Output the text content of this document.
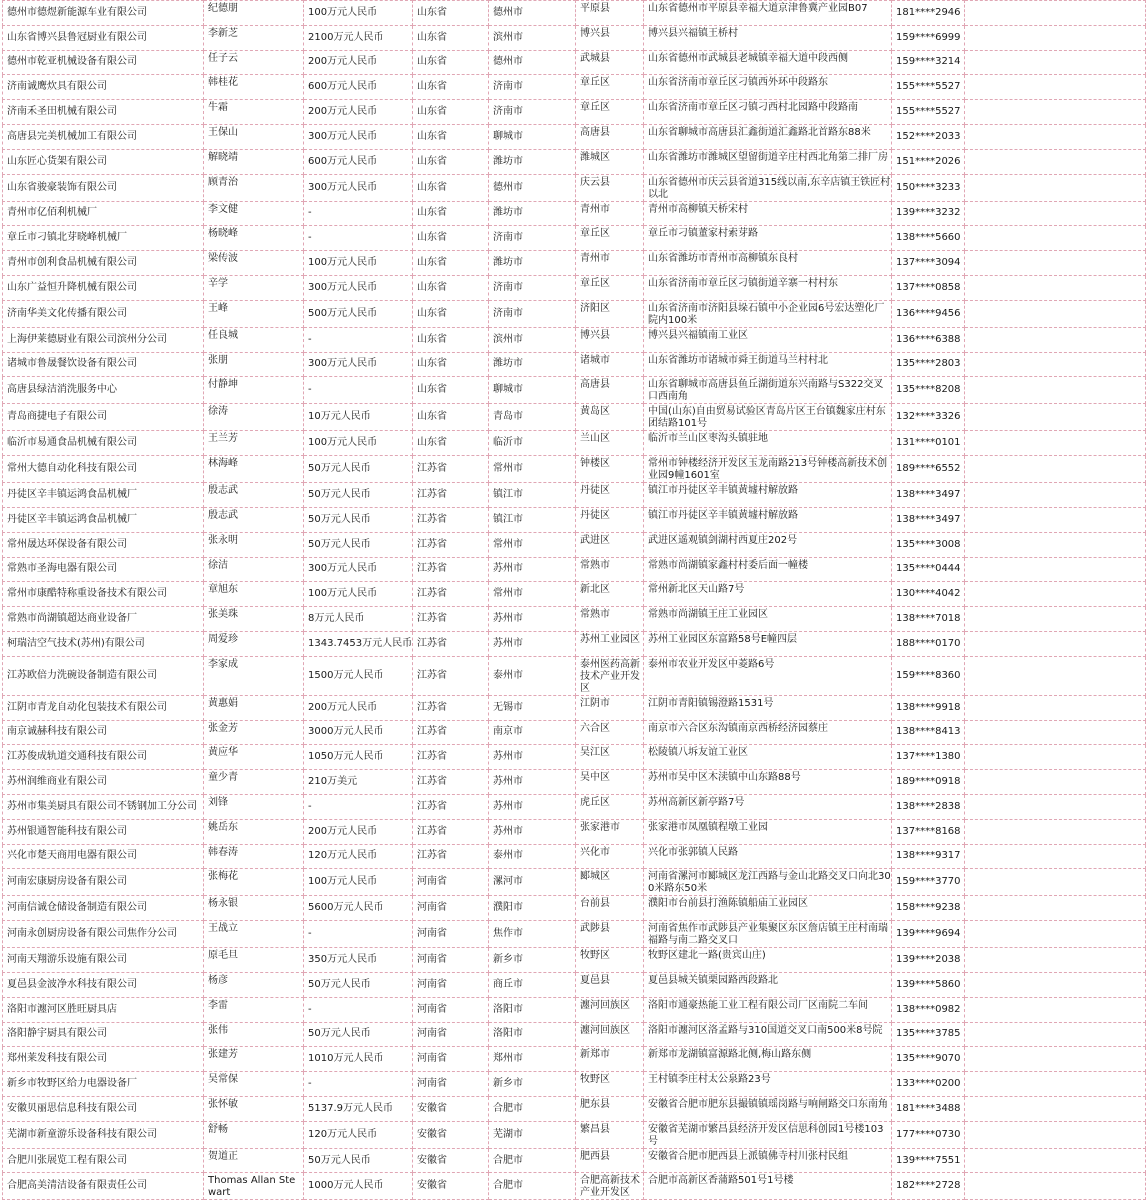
德州市德煜新能源车业有限公司	纪德朋	100万元人民币	山东省	德州市	平原县	山东省德州市平原县幸福大道京津鲁冀产业园B07	181****2946	
山东省博兴县鲁冠厨业有限公司	李新芝	2100万元人民币	山东省	滨州市	博兴县	博兴县兴福镇王桥村	159****6999	
德州市乾亚机械设备有限公司	任子云	200万元人民币	山东省	德州市	武城县	山东省德州市武城县老城镇幸福大道中段西侧	159****3214	
济南诚鹰炊具有限公司	韩桂花	600万元人民币	山东省	济南市	章丘区	山东省济南市章丘区刁镇西外环中段路东	155****5527	
济南禾圣田机械有限公司	牛霜	200万元人民币	山东省	济南市	章丘区	山东省济南市章丘区刁镇刁西村北园路中段路南	155****5527	
高唐县完美机械加工有限公司	王保山	300万元人民币	山东省	聊城市	高唐县	山东省聊城市高唐县汇鑫街道汇鑫路北首路东88米	152****2033	
山东匠心货架有限公司	解晓靖	600万元人民币	山东省	潍坊市	潍城区	山东省潍坊市潍城区望留街道辛庄村西北角第二排厂房	151****2026	
山东省骏豪装饰有限公司	顾青治	300万元人民币	山东省	德州市	庆云县	山东省德州市庆云县省道315线以南,东辛店镇王铁匠村以北	150****3233	
青州市亿佰利机械厂	李文健	-	山东省	潍坊市	青州市	青州市高柳镇天桥宋村	139****3232	
章丘市刁镇北芽晓峰机械厂	杨晓峰	-	山东省	济南市	章丘区	章丘市刁镇董家村索芽路	138****5660	
青州市创利食品机械有限公司	梁传波	100万元人民币	山东省	潍坊市	青州市	山东省潍坊市青州市高柳镇东良村	137****3094	
山东广益恒升降机械有限公司	辛学	300万元人民币	山东省	济南市	章丘区	山东省济南市章丘区刁镇街道辛寨一村村东	137****0858	
济南华美文化传播有限公司	王峰	500万元人民币	山东省	济南市	济阳区	山东省济南市济阳县垛石镇中小企业园6号宏达塑化厂院内100米	136****9456	
上海伊莱德厨业有限公司滨州分公司	任良城	-	山东省	滨州市	博兴县	博兴县兴福镇南工业区	136****6388	
诸城市鲁晟餐饮设备有限公司	张朋	300万元人民币	山东省	潍坊市	诸城市	山东省潍坊市诸城市舜王街道马兰村村北	135****2803	
高唐县绿洁消洗服务中心	付静坤	-	山东省	聊城市	高唐县	山东省聊城市高唐县鱼丘湖街道东兴南路与S322交叉口西南角	135****8208	
青岛商捷电子有限公司	徐涛	10万元人民币	山东省	青岛市	黄岛区	中国(山东)自由贸易试验区青岛片区王台镇魏家庄村东团结路101号	132****3326	
临沂市易通食品机械有限公司	王兰芳	100万元人民币	山东省	临沂市	兰山区	临沂市兰山区枣沟头镇驻地	131****0101	
常州大德自动化科技有限公司	林海峰	50万元人民币	江苏省	常州市	钟楼区	常州市钟楼经济开发区玉龙南路213号钟楼高新技术创业园9幢1601室	189****6552	
丹徒区辛丰镇运鸿食品机械厂	殷志武	50万元人民币	江苏省	镇江市	丹徒区	镇江市丹徒区辛丰镇黄墟村解放路	138****3497	
丹徒区辛丰镇运鸿食品机械厂	殷志武	50万元人民币	江苏省	镇江市	丹徒区	镇江市丹徒区辛丰镇黄墟村解放路	138****3497	
常州晟达环保设备有限公司	张永明	50万元人民币	江苏省	常州市	武进区	武进区遥观镇剑湖村西夏庄202号	135****3008	
常熟市圣海电器有限公司	徐洁	300万元人民币	江苏省	苏州市	常熟市	常熟市尚湖镇家鑫村村委后面一幢楼	135****0444	
常州市康酷特称重设备技术有限公司	章旭东	100万元人民币	江苏省	常州市	新北区	常州新北区天山路7号	130****4042	
常熟市尚湖镇超达商业设备厂	张美珠	8万元人民币	江苏省	苏州市	常熟市	常熟市尚湖镇王庄工业园区	138****7018	
柯瑞洁空气技术(苏州)有限公司	周爱珍	1343.7453万元人民币	江苏省	苏州市	苏州工业园区	苏州工业园区东富路58号E幢四层	188****0170	
江苏欧倍力洗碗设备制造有限公司	李家成	1500万元人民币	江苏省	泰州市	泰州医药高新技术产业开发区	泰州市农业开发区中菱路6号	159****8360	
江阴市青龙自动化包装技术有限公司	黄惠娟	200万元人民币	江苏省	无锡市	江阴市	江阴市青阳镇锡澄路1531号	138****9918	
南京诚赫科技有限公司	张金芳	3000万元人民币	江苏省	南京市	六合区	南京市六合区东沟镇南京西桥经济园蔡庄	138****8413	
江苏俊成轨道交通科技有限公司	黄应华	1050万元人民币	江苏省	苏州市	吴江区	松陵镇八坼友谊工业区	137****1380	
苏州润维商业有限公司	童少青	210万美元	江苏省	苏州市	吴中区	苏州市吴中区木渎镇中山东路88号	189****0918	
苏州市集美厨具有限公司不锈钢加工分公司	刘锋	-	江苏省	苏州市	虎丘区	苏州高新区新亭路7号	138****2838	
苏州银通智能科技有限公司	姚岳东	200万元人民币	江苏省	苏州市	张家港市	张家港市凤凰镇程墩工业园	137****8168	
兴化市楚天商用电器有限公司	韩春涛	120万元人民币	江苏省	泰州市	兴化市	兴化市张郭镇人民路	138****9317	
河南宏康厨房设备有限公司	张梅花	100万元人民币	河南省	漯河市	郾城区	河南省漯河市郾城区龙江西路与金山北路交叉口向北300米路东50米	159****3770	
河南信诚仓储设备制造有限公司	杨永银	5600万元人民币	河南省	濮阳市	台前县	濮阳市台前县打渔陈镇船庙工业园区	158****9238	
河南永创厨房设备有限公司焦作分公司	王战立	-	河南省	焦作市	武陟县	河南省焦作市武陟县产业集聚区东区詹店镇王庄村南瑞福路与南二路交叉口	139****9694	
河南天翔游乐设施有限公司	原毛旦	350万元人民币	河南省	新乡市	牧野区	牧野区建北一路(贵宾山庄)	139****2038	
夏邑县金波净水科技有限公司	杨彦	50万元人民币	河南省	商丘市	夏邑县	夏邑县城关镇栗园路西段路北	139****5860	
洛阳市瀍河区胜旺厨具店	李雷	-	河南省	洛阳市	瀍河回族区	洛阳市通豪热能工业工程有限公司厂区南院二车间	138****0982	
洛阳静宇厨具有限公司	张伟	50万元人民币	河南省	洛阳市	瀍河回族区	洛阳市瀍河区洛孟路与310国道交叉口南500米8号院	135****3785	
郑州莱发科技有限公司	张建芳	1010万元人民币	河南省	郑州市	新郑市	新郑市龙湖镇富源路北侧,梅山路东侧	135****9070	
新乡市牧野区给力电器设备厂	吴常保	-	河南省	新乡市	牧野区	王村镇李庄村太公泉路23号	133****0200	
安徽贝丽思信息科技有限公司	张怀敏	5137.9万元人民币	安徽省	合肥市	肥东县	安徽省合肥市肥东县撮镇镇瑶岗路与响闸路交口东南角	181****3488	
芜湖市新童游乐设备科技有限公司	舒畅	120万元人民币	安徽省	芜湖市	繁昌县	安徽省芜湖市繁昌县经济开发区信思科创园1号楼103号	177****0730	
合肥川张展览工程有限公司	贺道正	50万元人民币	安徽省	合肥市	肥西县	安徽省合肥市肥西县上派镇佛寺村川张村民组	139****7551	
合肥高美清洁设备有限责任公司	Thomas Allan Stewart	1000万元人民币	安徽省	合肥市	合肥高新技术产业开发区	合肥市高新区香蒲路501号1号楼	182****2728	
